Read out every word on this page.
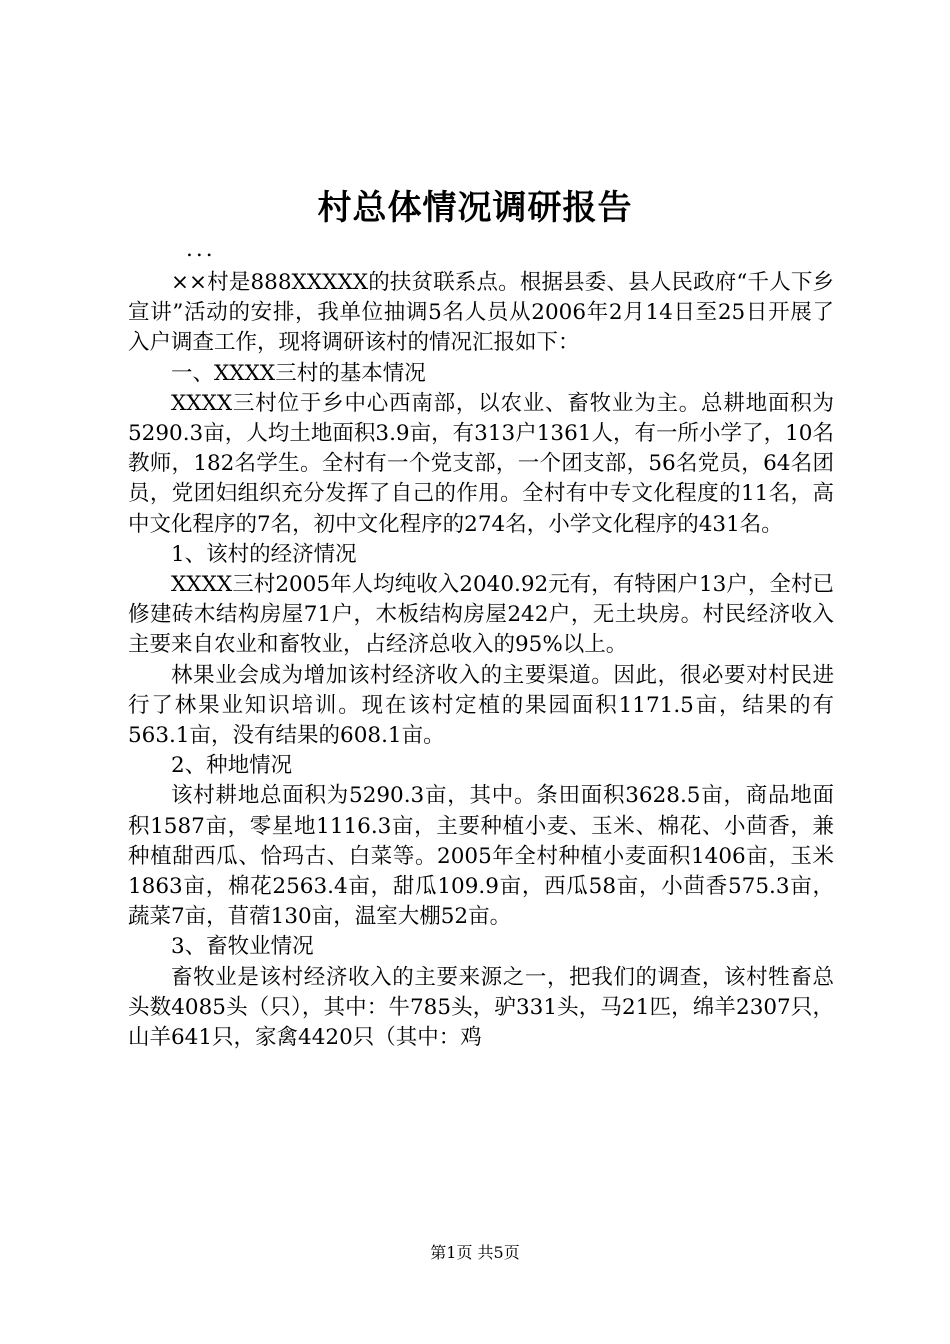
村总体情况调研报告

...

××村是888XXXXX的扶贫联系点。根据县委、县人民政府“千人下乡宣讲”活动的安排，我单位抽调5名人员从2006年2月14日至25日开展了入户调查工作，现将调研该村的情况汇报如下：

一、XXXX三村的基本情况

XXXX三村位于乡中心西南部，以农业、畜牧业为主。总耕地面积为5290.3亩，人均土地面积3.9亩，有313户1361人，有一所小学了，10名教师，182名学生。全村有一个党支部，一个团支部，56名党员，64名团员，党团妇组织充分发挥了自己的作用。全村有中专文化程度的11名，高中文化程序的7名，初中文化程序的274名，小学文化程序的431名。

1、该村的经济情况

XXXX三村2005年人均纯收入2040.92元有，有特困户13户，全村已修建砖木结构房屋71户，木板结构房屋242户，无土块房。村民经济收入主要来自农业和畜牧业，占经济总收入的95%以上。

林果业会成为增加该村经济收入的主要渠道。因此，很必要对村民进行了林果业知识培训。现在该村定植的果园面积1171.5亩，结果的有563.1亩，没有结果的608.1亩。

2、种地情况

该村耕地总面积为5290.3亩，其中。条田面积3628.5亩，商品地面积1587亩，零星地1116.3亩，主要种植小麦、玉米、棉花、小茴香，兼种植甜西瓜、恰玛古、白菜等。2005年全村种植小麦面积1406亩，玉米1863亩，棉花2563.4亩，甜瓜109.9亩，西瓜58亩，小茴香575.3亩，蔬菜7亩，苜蓿130亩，温室大棚52亩。

3、畜牧业情况

畜牧业是该村经济收入的主要来源之一，把我们的调查，该村牲畜总头数4085头（只），其中：牛785头，驴331头，马21匹，绵羊2307只，山羊641只，家禽4420只（其中：鸡

第1页 共5页
